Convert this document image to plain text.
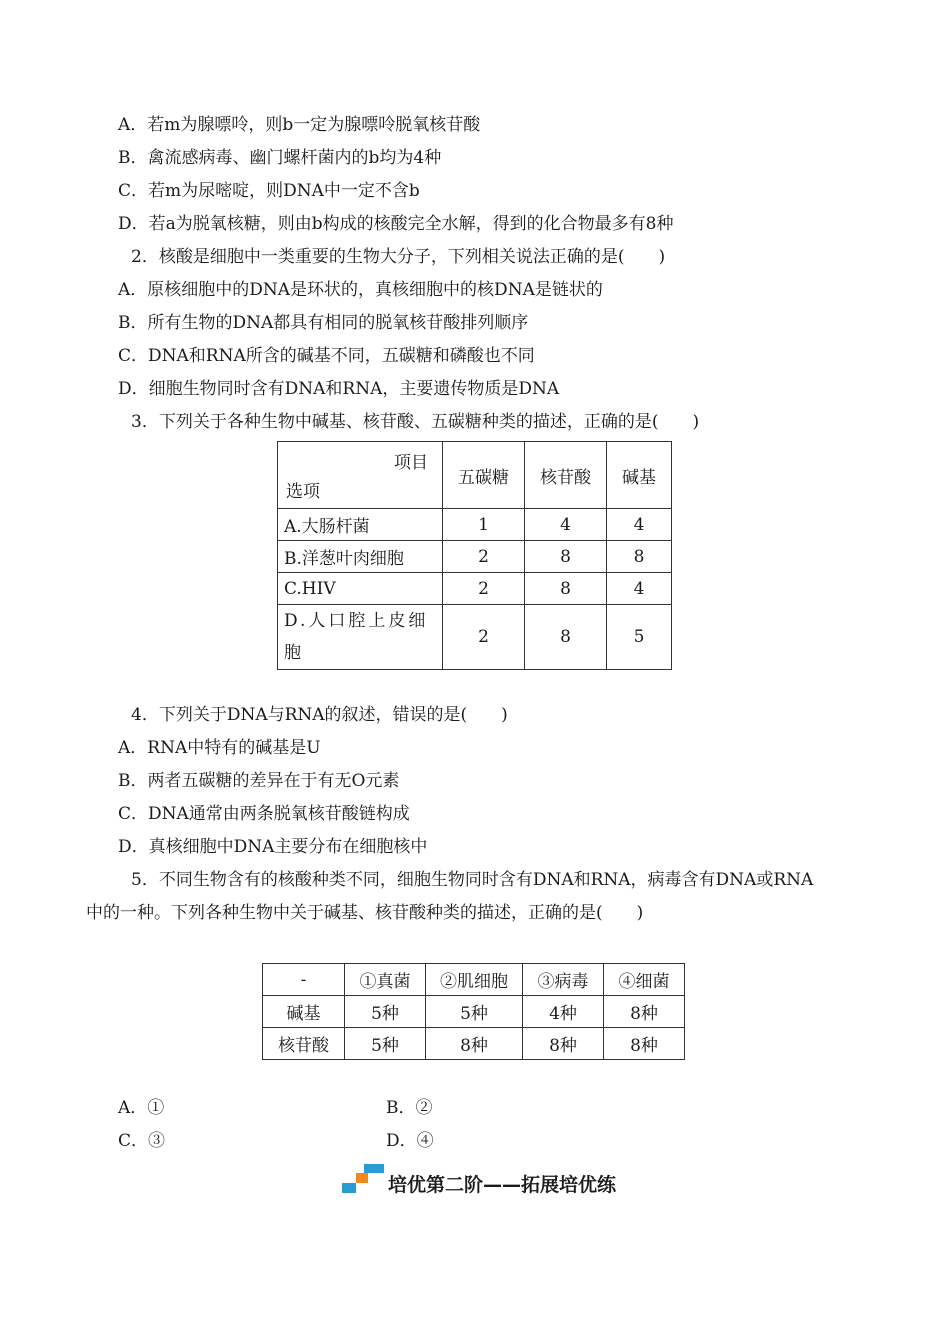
A．若m为腺嘌呤，则b一定为腺嘌呤脱氧核苷酸
B．禽流感病毒、幽门螺杆菌内的b均为4种
C．若m为尿嘧啶，则DNA中一定不含b
D．若a为脱氧核糖，则由b构成的核酸完全水解，得到的化合物最多有8种
2．核酸是细胞中一类重要的生物大分子，下列相关说法正确的是(　　)
A．原核细胞中的DNA是环状的，真核细胞中的核DNA是链状的
B．所有生物的DNA都具有相同的脱氧核苷酸排列顺序
C．DNA和RNA所含的碱基不同，五碳糖和磷酸也不同
D．细胞生物同时含有DNA和RNA，主要遗传物质是DNA
3．下列关于各种生物中碱基、核苷酸、五碳糖种类的描述，正确的是(　　)
项目
选项	五碳糖	核苷酸	碱基
A.大肠杆菌	1	4	4
B.洋葱叶肉细胞	2	8	8
C.HIV	2	8	4

D.人口腔上皮细
胞	2	8	5
4．下列关于DNA与RNA的叙述，错误的是(　　)
A．RNA中特有的碱基是U
B．两者五碳糖的差异在于有无O元素
C．DNA通常由两条脱氧核苷酸链构成
D．真核细胞中DNA主要分布在细胞核中
5．不同生物含有的核酸种类不同，细胞生物同时含有DNA和RNA，病毒含有DNA或RNA
中的一种。下列各种生物中关于碱基、核苷酸种类的描述，正确的是(　　)
-	①真菌	②肌细胞	③病毒	④细菌
碱基	5种	5种	4种	8种
核苷酸	5种	8种	8种	8种
A．①	B．②
C．③	D．④
培优第二阶——拓展培优练
